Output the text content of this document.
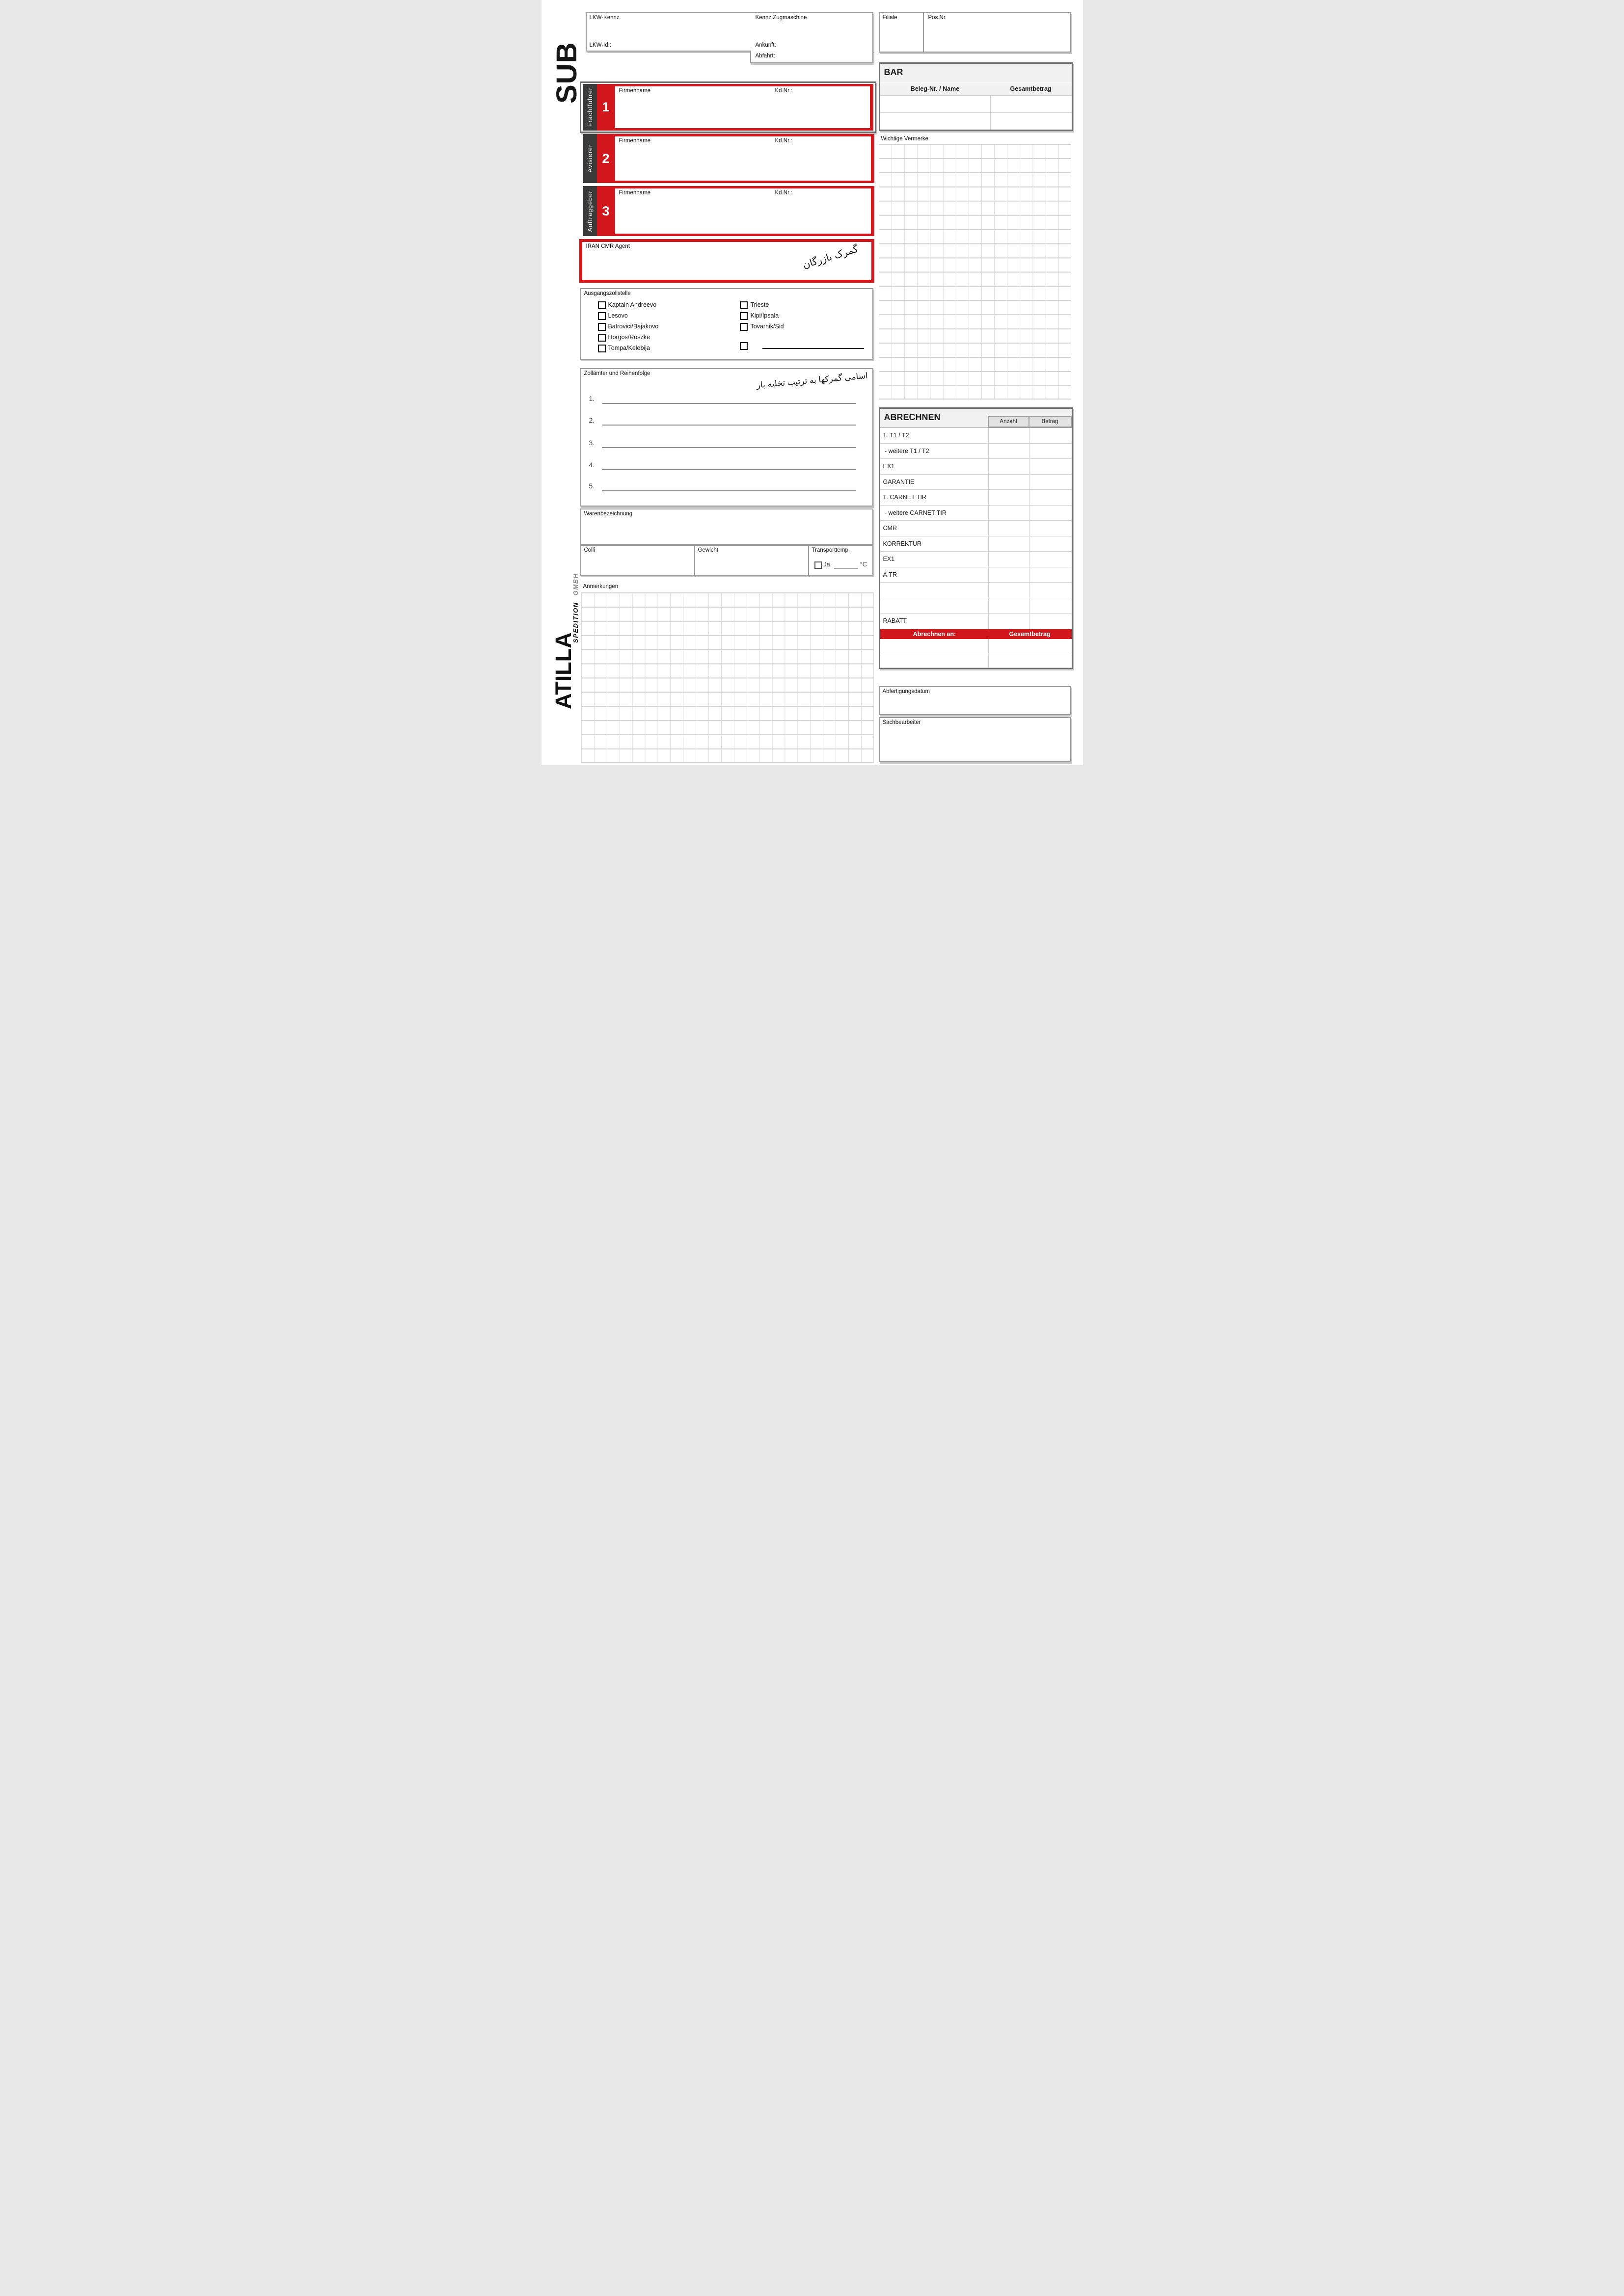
SUB
LKW-Kennz.	Kennz.Zugmaschine
LKW-Id.:	Ankunft:
Abfahrt:
Filiale	Pos.Nr.
BAR
Beleg-Nr. / Name	Gesamtbetrag
Frachtführer 1
Firmenname	Kd.Nr.:
Avisierer 2
Firmenname	Kd.Nr.:
Auftraggeber 3
Firmenname	Kd.Nr.:
IRAN CMR Agent	گمرک بازرگان
Ausgangszollstelle
Kaptain Andreevo
Lesovo
Batrovici/Bajakovo
Horgos/Röszke
Tompa/Kelebija
Trieste
Kipi/Ipsala
Tovarnik/Sid
Zollämter und Reihenfolge	اسامی گمرکها به ترتیب تخلیه بار
1.
2.
3.
4.
5.
Wichtige Vermerke
Warenbezeichnung
Colli	Gewicht	Transporttemp.
Ja	°C
Anmerkungen
ATILLA
SPEDITION GMBH
ABRECHNEN	Anzahl	Betrag
1. T1 / T2
- weitere T1 / T2
EX1
GARANTIE
1. CARNET TIR
- weitere CARNET TIR
CMR
KORREKTUR
EX1
A.TR
RABATT
Abrechnen an:	Gesamtbetrag
Abfertigungsdatum
Sachbearbeiter
